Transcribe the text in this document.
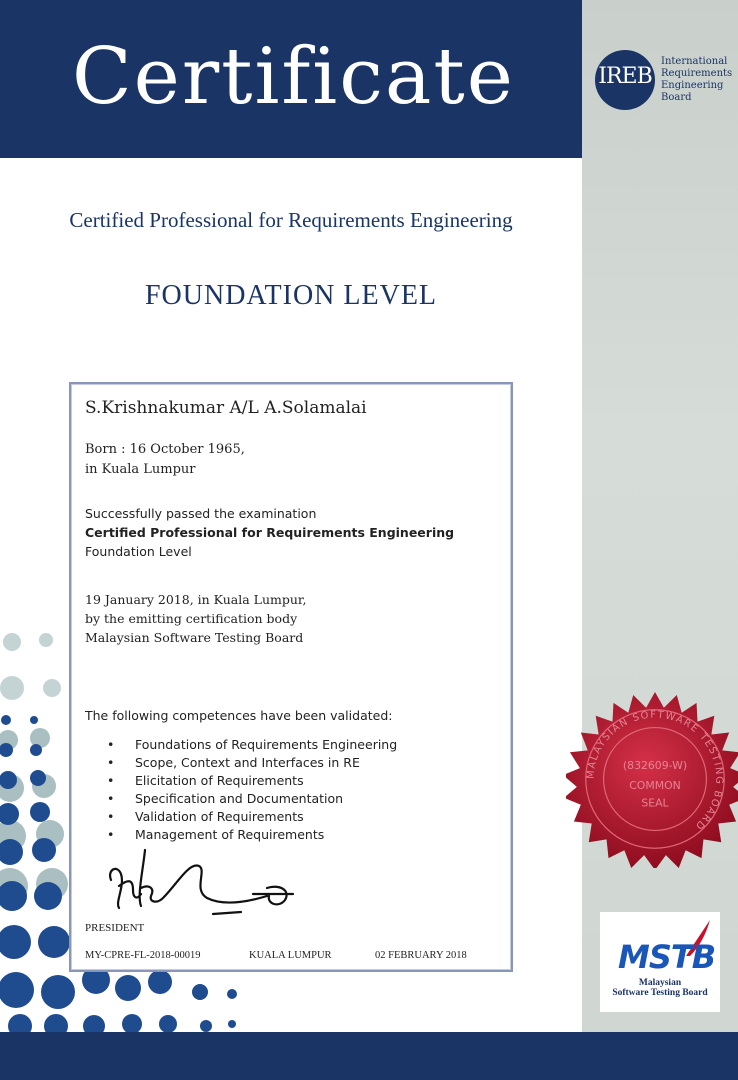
Certificate	IREB
International
Requirements
Engineering
Board
Certified Professional for Requirements Engineering
FOUNDATION LEVEL
S.Krishnakumar A/L A.Solamalai
Born : 16 October 1965,
in Kuala Lumpur
Successfully passed the examination
Certified Professional for Requirements Engineering
Foundation Level
19 January 2018, in Kuala Lumpur,
by the emitting certification body
Malaysian Software Testing Board
The following competences have been validated:
• Foundations of Requirements Engineering
• Scope, Context and Interfaces in RE
• Elicitation of Requirements
• Specification and Documentation
• Validation of Requirements
• Management of Requirements
PRESIDENT
MY-CPRE-FL-2018-00019	KUALA LUMPUR	02 FEBRUARY 2018
MALAYSIAN SOFTWARE TESTING BOARD
(832609-W)
COMMON
SEAL
MSTB
Malaysian
Software Testing Board
